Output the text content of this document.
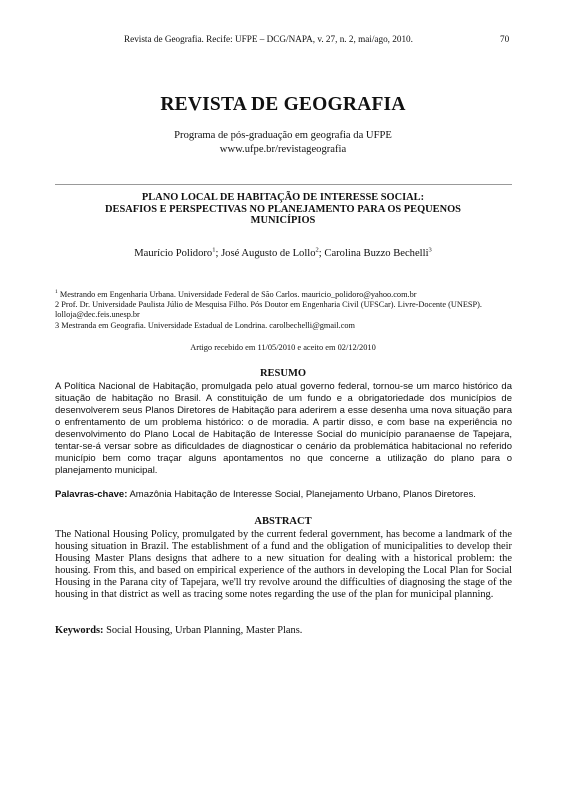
Revista de Geografia. Recife: UFPE – DCG/NAPA, v. 27, n. 2, mai/ago, 2010.	70
REVISTA DE GEOGRAFIA
Programa de pós-graduação em geografia da UFPE
www.ufpe.br/revistageografia
PLANO LOCAL DE HABITAÇÃO DE INTERESSE SOCIAL:
DESAFIOS E PERSPECTIVAS NO PLANEJAMENTO PARA OS PEQUENOS
MUNICÍPIOS
Maurício Polidoro$^1$; José Augusto de Lollo$^2$; Carolina Buzzo Bechelli$^3$
$^1$ Mestrando em Engenharia Urbana. Universidade Federal de São Carlos. mauricio_polidoro@yahoo.com.br
2 Prof. Dr. Universidade Paulista Júlio de Mesquisa Filho. Pós Doutor em Engenharia Civil (UFSCar). Livre-Docente (UNESP). lolloja@dec.feis.unesp.br
3 Mestranda em Geografia. Universidade Estadual de Londrina. carolbechelli@gmail.com
Artigo recebido em 11/05/2010 e aceito em 02/12/2010
RESUMO
A Política Nacional de Habitação, promulgada pelo atual governo federal, tornou-se um marco histórico da situação de habitação no Brasil. A constituição de um fundo e a obrigatoriedade dos municípios de desenvolverem seus Planos Diretores de Habitação para aderirem a esse desenha uma nova situação para o enfrentamento de um problema histórico: o de moradia. A partir disso, e com base na experiência no desenvolvimento do Plano Local de Habitação de Interesse Social do município paranaense de Tapejara, tentar-se-á versar sobre as dificuldades de diagnosticar o cenário da problemática habitacional no referido município bem como traçar alguns apontamentos no que concerne a utilização do plano para o planejamento municipal.
Palavras-chave: Amazônia Habitação de Interesse Social, Planejamento Urbano, Planos Diretores.
ABSTRACT
The National Housing Policy, promulgated by the current federal government, has become a landmark of the housing situation in Brazil. The establishment of a fund and the obligation of municipalities to develop their Housing Master Plans designs that adhere to a new situation for dealing with a historical problem: the housing. From this, and based on empirical experience of the authors in developing the Local Plan for Social Housing in the Parana city of Tapejara, we'll try revolve around the difficulties of diagnosing the stage of the housing in that district as well as tracing some notes regarding the use of the plan for municipal planning.
Keywords: Social Housing, Urban Planning, Master Plans.
